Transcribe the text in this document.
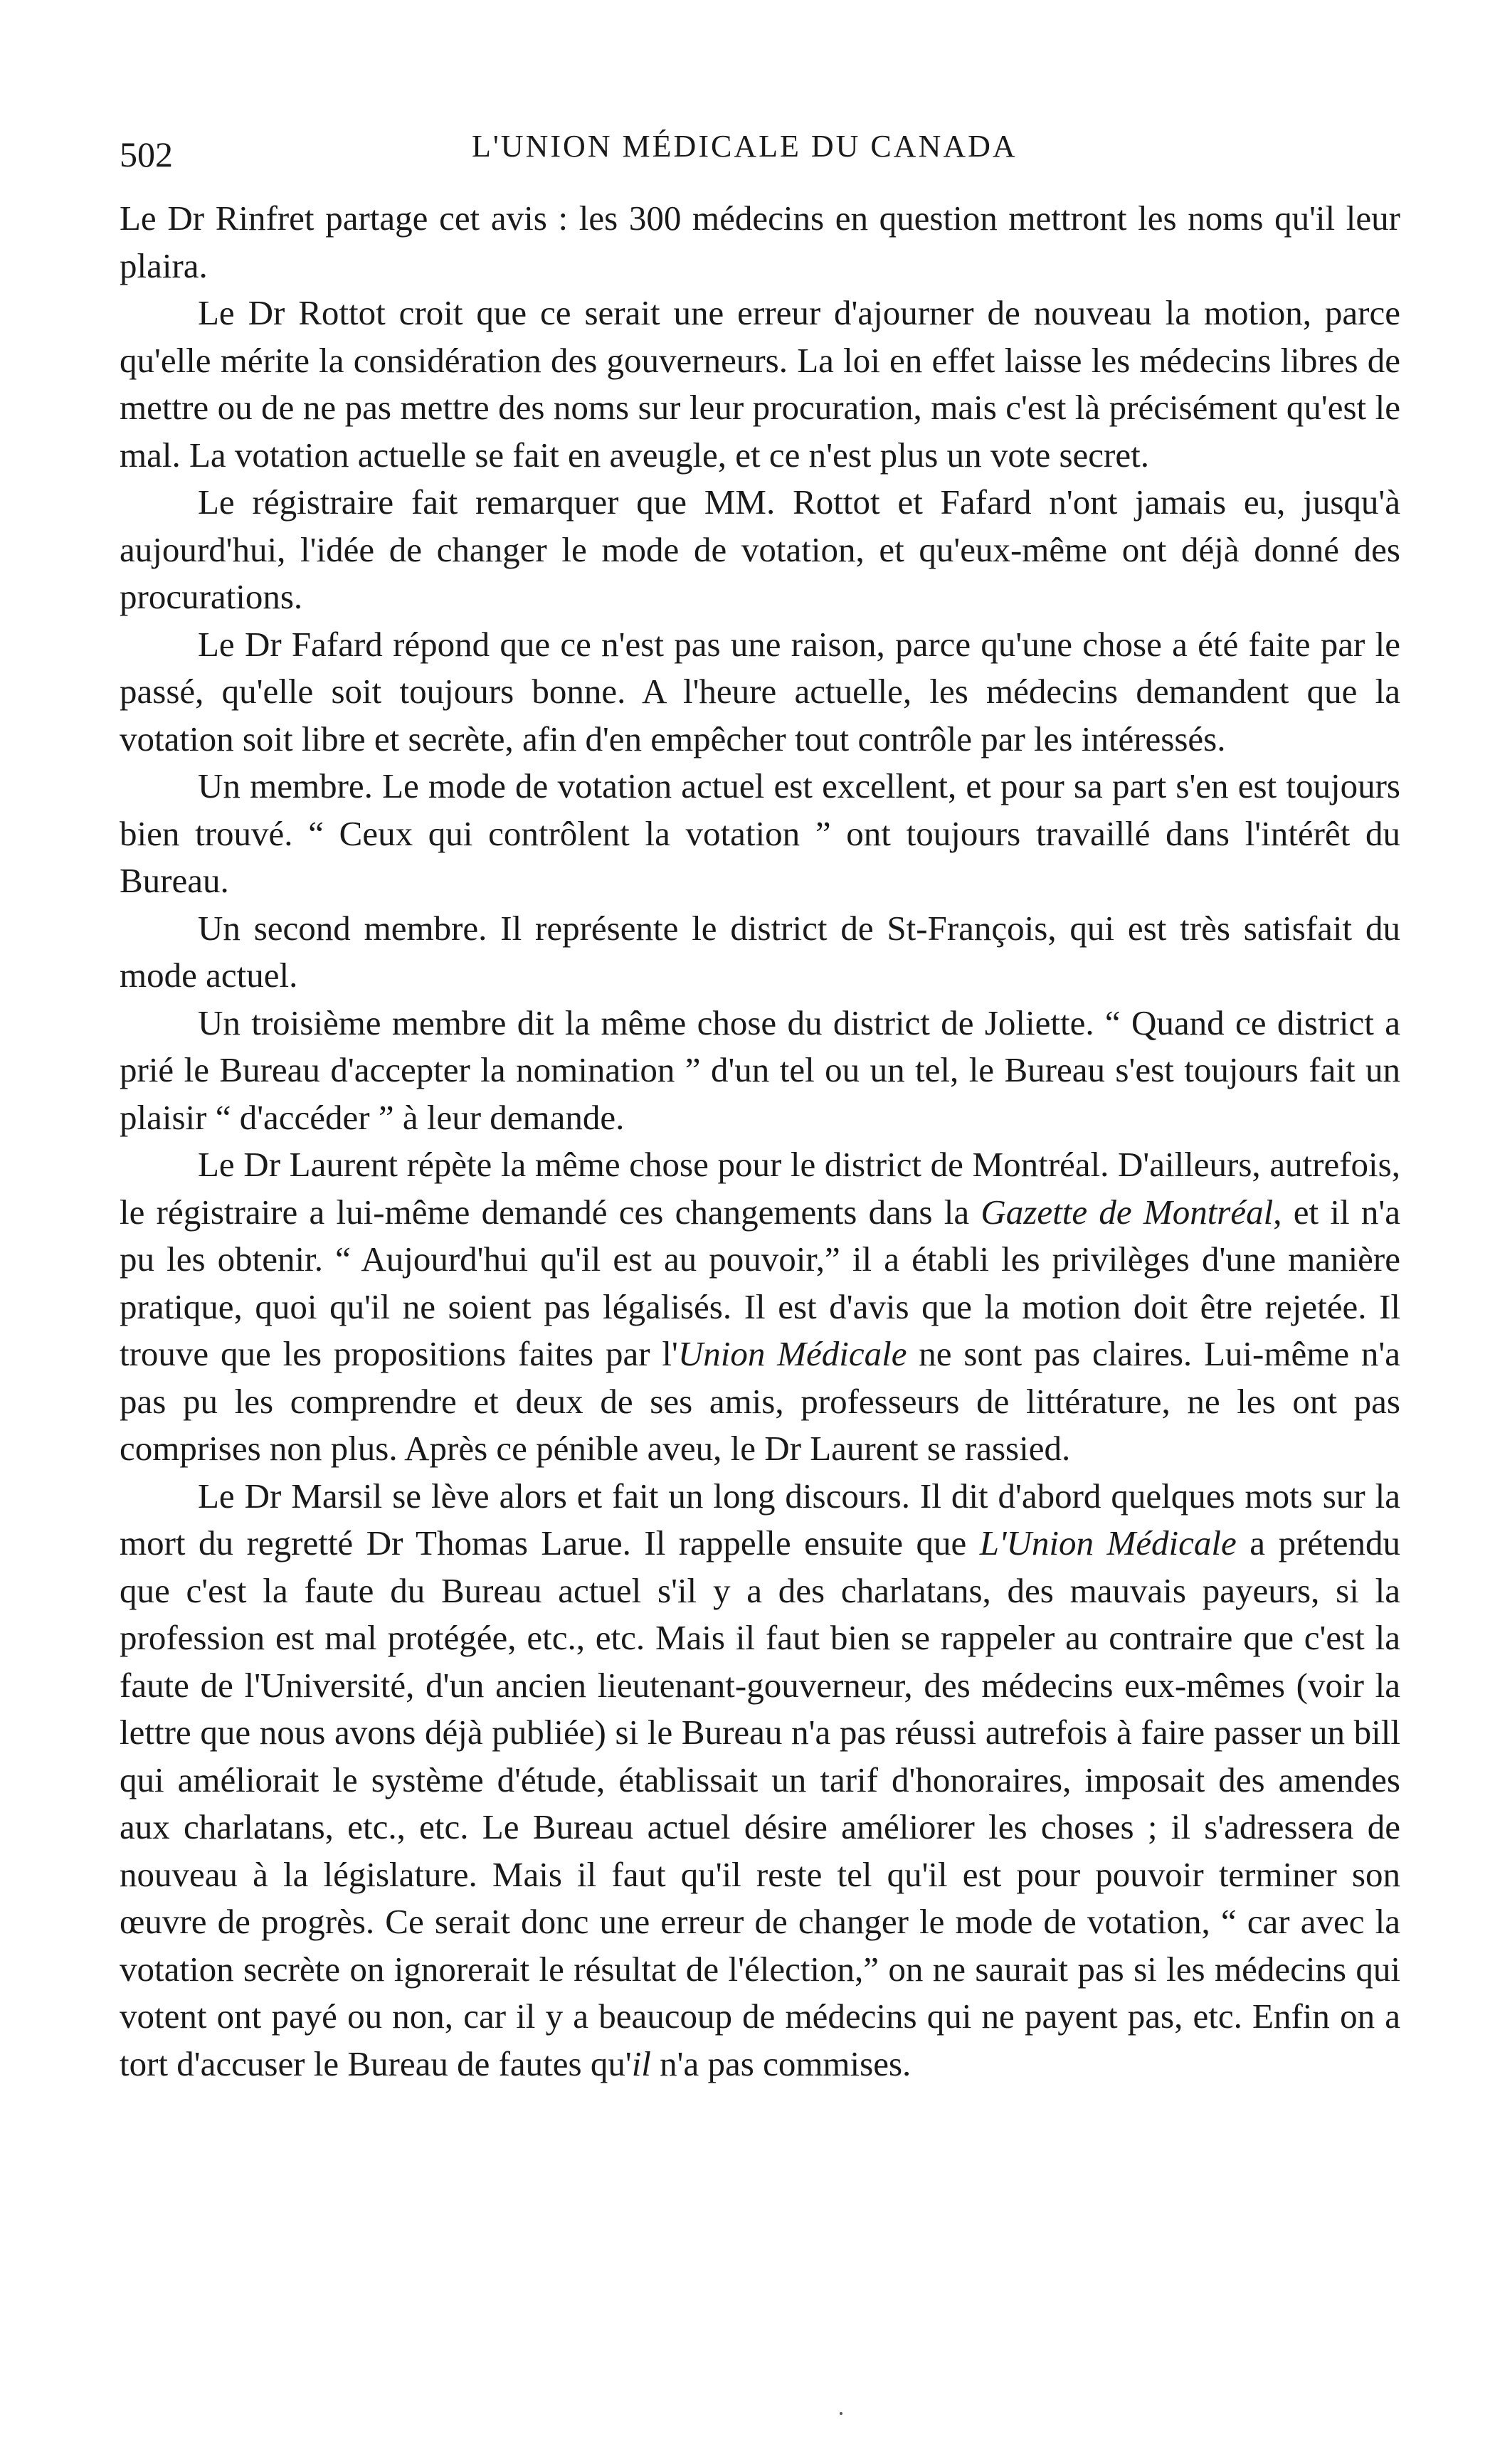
502	L'UNION MÉDICALE DU CANADA

Le Dr Rinfret partage cet avis : les 300 médecins en question mettront les noms qu'il leur plaira.

Le Dr Rottot croit que ce serait une erreur d'ajourner de nouveau la motion, parce qu'elle mérite la considération des gouverneurs. La loi en effet laisse les médecins libres de mettre ou de ne pas mettre des noms sur leur procuration, mais c'est là précisément qu'est le mal. La votation actuelle se fait en aveugle, et ce n'est plus un vote secret.

Le régistraire fait remarquer que MM. Rottot et Fafard n'ont jamais eu, jusqu'à aujourd'hui, l'idée de changer le mode de votation, et qu'eux-même ont déjà donné des procurations.

Le Dr Fafard répond que ce n'est pas une raison, parce qu'une chose a été faite par le passé, qu'elle soit toujours bonne. A l'heure actuelle, les médecins demandent que la votation soit libre et secrète, afin d'en empêcher tout contrôle par les intéressés.

Un membre. Le mode de votation actuel est excellent, et pour sa part s'en est toujours bien trouvé. “ Ceux qui contrôlent la votation ” ont toujours travaillé dans l'intérêt du Bureau.

Un second membre. Il représente le district de St-François, qui est très satisfait du mode actuel.

Un troisième membre dit la même chose du district de Joliette. “ Quand ce district a prié le Bureau d'accepter la nomination ” d'un tel ou un tel, le Bureau s'est toujours fait un plaisir “ d'accéder ” à leur demande.

Le Dr Laurent répète la même chose pour le district de Montréal. D'ailleurs, autrefois, le régistraire a lui-même demandé ces changements dans la Gazette de Montréal, et il n'a pu les obtenir. “ Aujourd'hui qu'il est au pouvoir,” il a établi les privilèges d'une manière pratique, quoi qu'il ne soient pas légalisés. Il est d'avis que la motion doit être rejetée. Il trouve que les propositions faites par l'Union Médicale ne sont pas claires. Lui-même n'a pas pu les comprendre et deux de ses amis, professeurs de littérature, ne les ont pas comprises non plus. Après ce pénible aveu, le Dr Laurent se rassied.

Le Dr Marsil se lève alors et fait un long discours. Il dit d'abord quelques mots sur la mort du regretté Dr Thomas Larue. Il rappelle ensuite que L'Union Médicale a prétendu que c'est la faute du Bureau actuel s'il y a des charlatans, des mauvais payeurs, si la profession est mal protégée, etc., etc. Mais il faut bien se rappeler au contraire que c'est la faute de l'Université, d'un ancien lieutenant-gouverneur, des médecins eux-mêmes (voir la lettre que nous avons déjà publiée) si le Bureau n'a pas réussi autrefois à faire passer un bill qui améliorait le système d'étude, établissait un tarif d'honoraires, imposait des amendes aux charlatans, etc., etc. Le Bureau actuel désire améliorer les choses ; il s'adressera de nouveau à la législature. Mais il faut qu'il reste tel qu'il est pour pouvoir terminer son œuvre de progrès. Ce serait donc une erreur de changer le mode de votation, “ car avec la votation secrète on ignorerait le résultat de l'élection,” on ne saurait pas si les médecins qui votent ont payé ou non, car il y a beaucoup de médecins qui ne payent pas, etc. Enfin on a tort d'accuser le Bureau de fautes qu'il n'a pas commises.
